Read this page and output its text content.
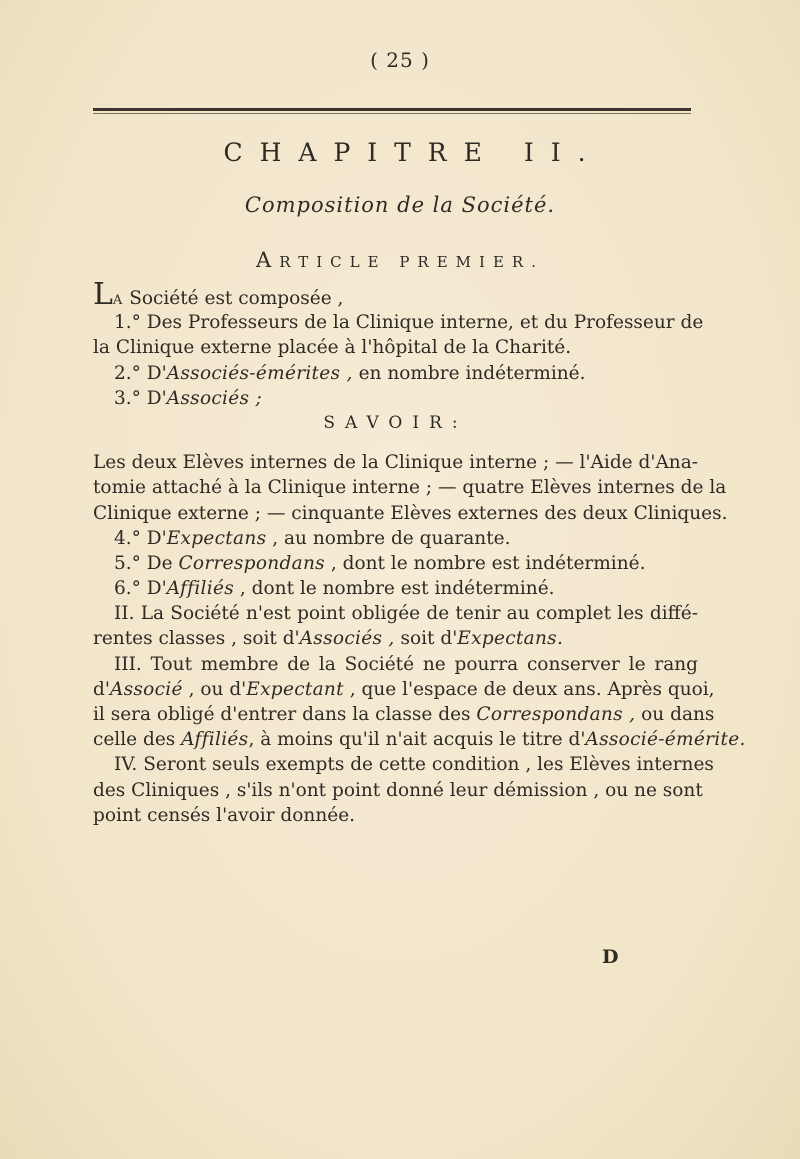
( 25 )
CHAPITRE II.
Composition de la Société.
ARTICLE PREMIER.
LA Société est composée ,
1.° Des Professeurs de la Clinique interne, et du Professeur de
la Clinique externe placée à l'hôpital de la Charité.
2.° D'Associés-émérites , en nombre indéterminé.
3.° D'Associés ;
SAVOIR:
Les deux Elèves internes de la Clinique interne ; — l'Aide d'Ana-
tomie attaché à la Clinique interne ; — quatre Elèves internes de la
Clinique externe ; — cinquante Elèves externes des deux Cliniques.
4.° D'Expectans , au nombre de quarante.
5.° De Correspondans , dont le nombre est indéterminé.
6.° D'Affiliés , dont le nombre est indéterminé.
II. La Société n'est point obligée de tenir au complet les diffé-
rentes classes , soit d'Associés , soit d'Expectans.
III. Tout membre de la Société ne pourra conserver le rang
d'Associé , ou d'Expectant , que l'espace de deux ans. Après quoi,
il sera obligé d'entrer dans la classe des Correspondans , ou dans
celle des Affiliés, à moins qu'il n'ait acquis le titre d'Associé-émérite.
IV. Seront seuls exempts de cette condition , les Elèves internes
des Cliniques , s'ils n'ont point donné leur démission , ou ne sont
point censés l'avoir donnée.
D
